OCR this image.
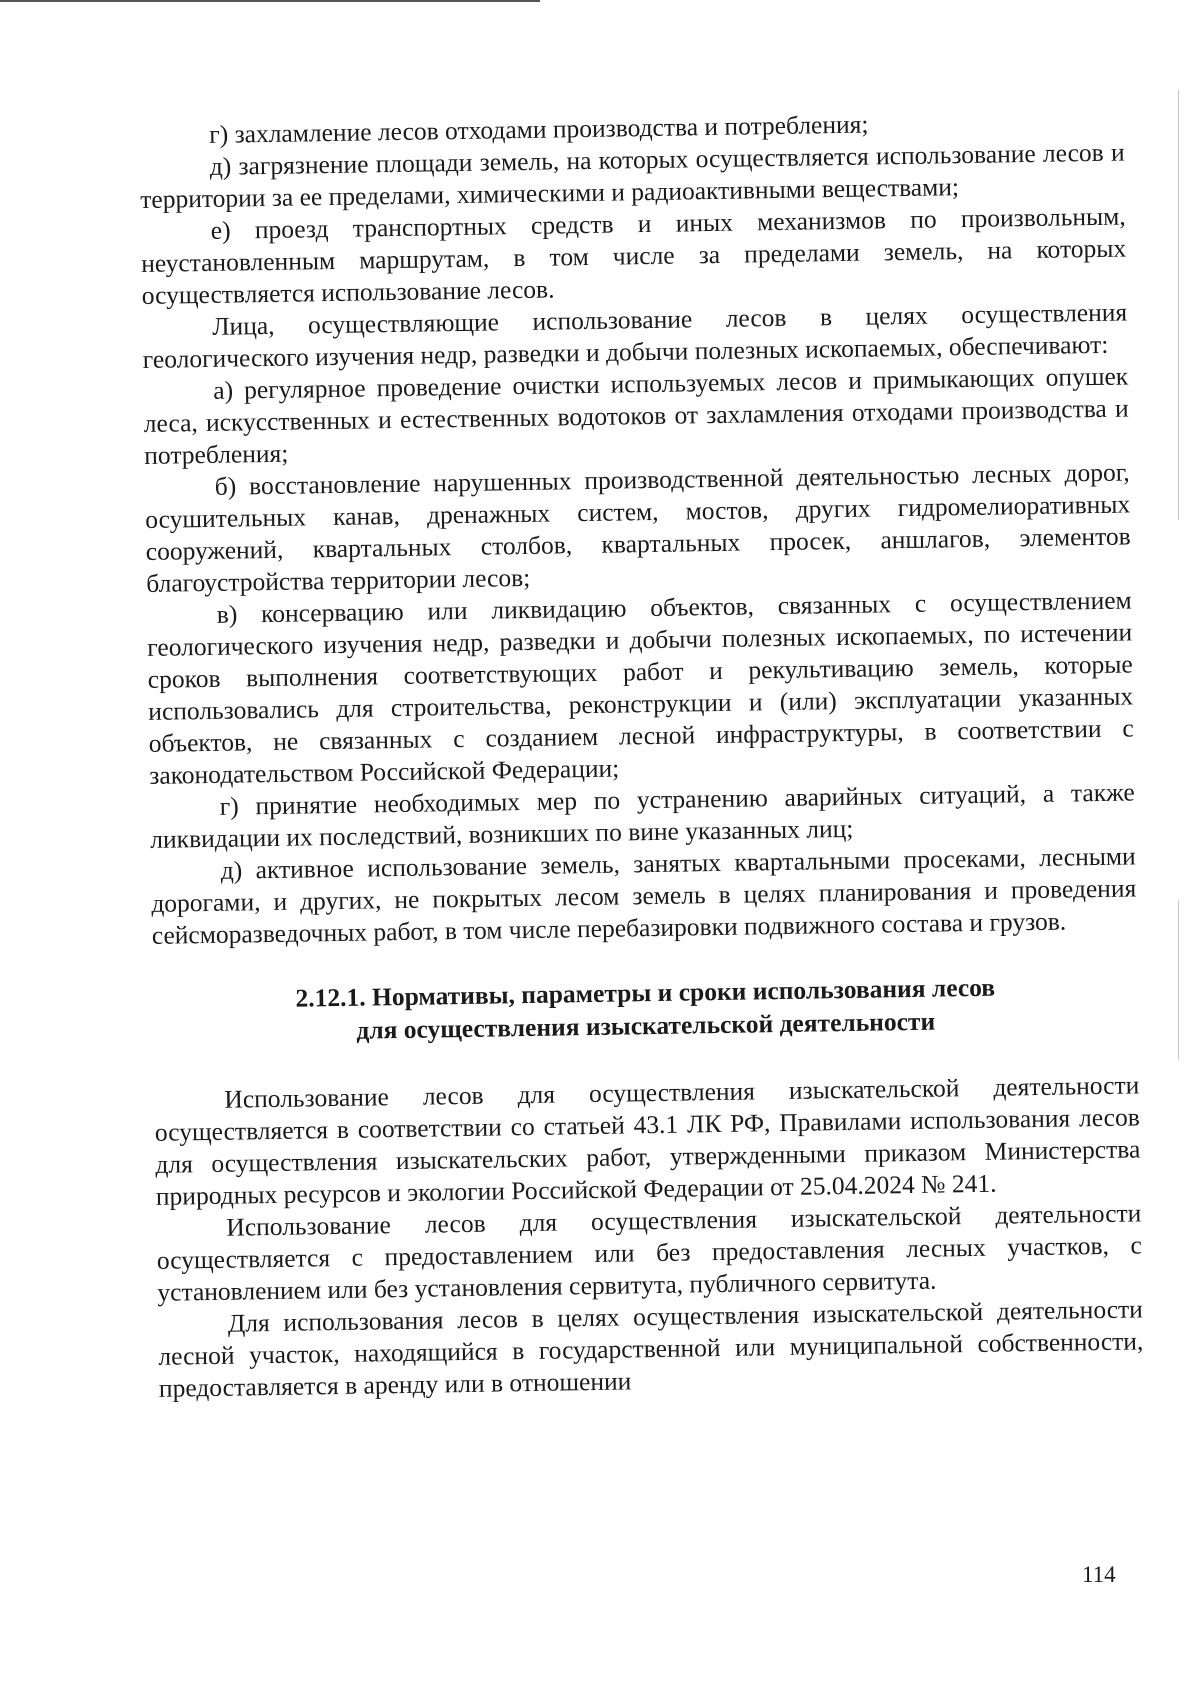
г) захламление лесов отходами производства и потребления;

д) загрязнение площади земель, на которых осуществляется использование лесов и территории за ее пределами, химическими и радиоактивными веществами;

е) проезд транспортных средств и иных механизмов по произвольным, неустановленным маршрутам, в том числе за пределами земель, на которых осуществляется использование лесов.

Лица, осуществляющие использование лесов в целях осуществления геологического изучения недр, разведки и добычи полезных ископаемых, обеспечивают:

а) регулярное проведение очистки используемых лесов и примыкающих опушек леса, искусственных и естественных водотоков от захламления отходами производства и потребления;

б) восстановление нарушенных производственной деятельностью лесных дорог, осушительных канав, дренажных систем, мостов, других гидромелиоративных сооружений, квартальных столбов, квартальных просек, аншлагов, элементов благоустройства территории лесов;

в) консервацию или ликвидацию объектов, связанных с осуществлением геологического изучения недр, разведки и добычи полезных ископаемых, по истечении сроков выполнения соответствующих работ и рекультивацию земель, которые использовались для строительства, реконструкции и (или) эксплуатации указанных объектов, не связанных с созданием лесной инфраструктуры, в соответствии с законодательством Российской Федерации;

г) принятие необходимых мер по устранению аварийных ситуаций, а также ликвидации их последствий, возникших по вине указанных лиц;

д) активное использование земель, занятых квартальными просеками, лесными дорогами, и других, не покрытых лесом земель в целях планирования и проведения сейсморазведочных работ, в том числе перебазировки подвижного состава и грузов.

2.12.1. Нормативы, параметры и сроки использования лесов
для осуществления изыскательской деятельности

Использование лесов для осуществления изыскательской деятельности осуществляется в соответствии со статьей 43.1 ЛК РФ, Правилами использования лесов для осуществления изыскательских работ, утвержденными приказом Министерства природных ресурсов и экологии Российской Федерации от 25.04.2024 № 241.

Использование лесов для осуществления изыскательской деятельности осуществляется с предоставлением или без предоставления лесных участков, с установлением или без установления сервитута, публичного сервитута.

Для использования лесов в целях осуществления изыскательской деятельности лесной участок, находящийся в государственной или муниципальной собственности, предоставляется в аренду или в отношении

114
